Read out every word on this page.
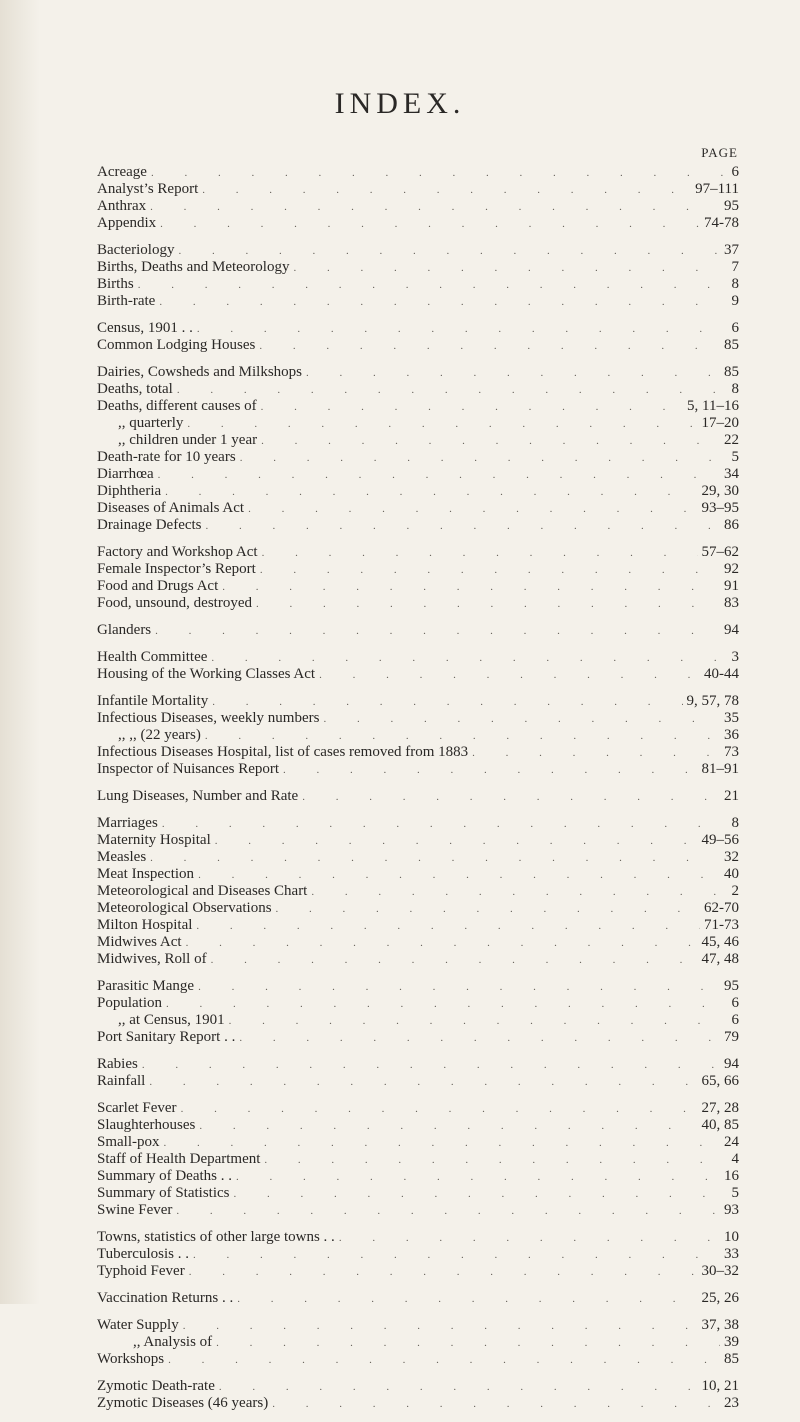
INDEX.
PAGE
Acreage . . .	6
Analyst’s Report . . .	97–111
Anthrax . . .	95
Appendix . . .	74-78
Bacteriology . . .	37
Births, Deaths and Meteorology . . .	7
Births . . .	8
Birth-rate . . .	9
Census, 1901 . . . . .	6
Common Lodging Houses . . .	85
Dairies, Cowsheds and Milkshops . . .	85
Deaths, total . . .	8
Deaths, different causes of . . .	5, 11–16
,, quarterly . . .	17–20
,, children under 1 year . . .	22
Death-rate for 10 years . . .	5
Diarrhœa . . .	34
Diphtheria . . .	29, 30
Diseases of Animals Act . . .	93–95
Drainage Defects . . .	86
Factory and Workshop Act . . .	57–62
Female Inspector’s Report . . .	92
Food and Drugs Act . . .	91
Food, unsound, destroyed . . .	83
Glanders . . .	94
Health Committee . . .	3
Housing of the Working Classes Act . . .	40-44
Infantile Mortality . . .	9, 57, 78
Infectious Diseases, weekly numbers . . .	35
,, ,, (22 years) . . .	36
Infectious Diseases Hospital, list of cases removed from 1883 . . .	73
Inspector of Nuisances Report . . .	81–91
Lung Diseases, Number and Rate . . .	21
Marriages . . .	8
Maternity Hospital . . .	49–56
Measles . . .	32
Meat Inspection . . .	40
Meteorological and Diseases Chart . . .	2
Meteorological Observations . . .	62-70
Milton Hospital . . .	71-73
Midwives Act . . .	45, 46
Midwives, Roll of . . .	47, 48
Parasitic Mange . . .	95
Population . . .	6
,, at Census, 1901 . . .	6
Port Sanitary Report . . . . .	79
Rabies . . .	94
Rainfall . . .	65, 66
Scarlet Fever . . .	27, 28
Slaughterhouses . . .	40, 85
Small-pox . . .	24
Staff of Health Department . . .	4
Summary of Deaths . . . . .	16
Summary of Statistics . . .	5
Swine Fever . . .	93
Towns, statistics of other large towns . . . . .	10
Tuberculosis . . . . .	33
Typhoid Fever . . .	30–32
Vaccination Returns . . . . .	25, 26
Water Supply . . .	37, 38
,, Analysis of . . .	39
Workshops . . .	85
Zymotic Death-rate . . .	10, 21
Zymotic Diseases (46 years) . . .	23
